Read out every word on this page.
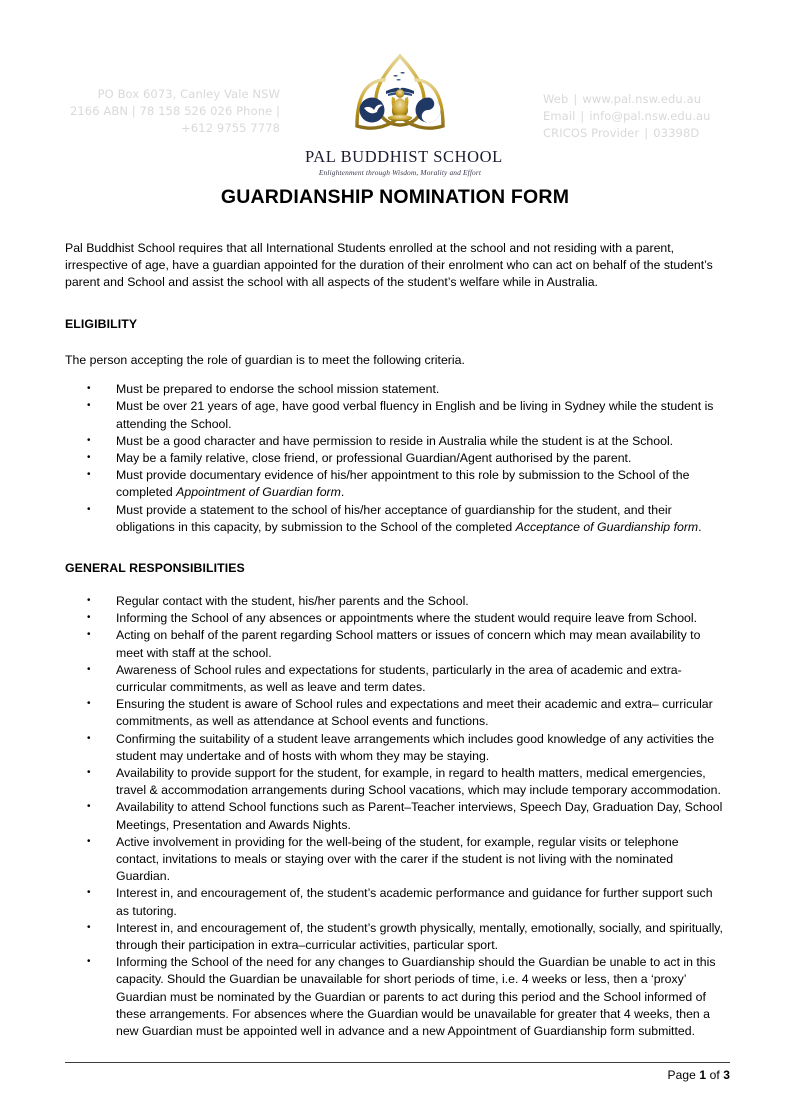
PO Box 6073, Canley Vale NSW
2166 ABN | 78 158 526 026 Phone |
+612 9755 7778
PAL BUDDHIST SCHOOL
Enlightenment through Wisdom, Morality and Effort
Web | www.pal.nsw.edu.au
Email | info@pal.nsw.edu.au
CRICOS Provider | 03398D
GUARDIANSHIP NOMINATION FORM

Pal Buddhist School requires that all International Students enrolled at the school and not residing with a parent, irrespective of age, have a guardian appointed for the duration of their enrolment who can act on behalf of the student’s parent and School and assist the school with all aspects of the student’s welfare while in Australia.

ELIGIBILITY

The person accepting the role of guardian is to meet the following criteria.

• Must be prepared to endorse the school mission statement.
• Must be over 21 years of age, have good verbal fluency in English and be living in Sydney while the student is attending the School.
• Must be a good character and have permission to reside in Australia while the student is at the School.
• May be a family relative, close friend, or professional Guardian/Agent authorised by the parent.
• Must provide documentary evidence of his/her appointment to this role by submission to the School of the completed Appointment of Guardian form.
• Must provide a statement to the school of his/her acceptance of guardianship for the student, and their obligations in this capacity, by submission to the School of the completed Acceptance of Guardianship form.
GENERAL RESPONSIBILITIES
• Regular contact with the student, his/her parents and the School.
• Informing the School of any absences or appointments where the student would require leave from School.
• Acting on behalf of the parent regarding School matters or issues of concern which may mean availability to meet with staff at the school.
• Awareness of School rules and expectations for students, particularly in the area of academic and extra-curricular commitments, as well as leave and term dates.
• Ensuring the student is aware of School rules and expectations and meet their academic and extra– curricular commitments, as well as attendance at School events and functions.
• Confirming the suitability of a student leave arrangements which includes good knowledge of any activities the student may undertake and of hosts with whom they may be staying.
• Availability to provide support for the student, for example, in regard to health matters, medical emergencies, travel & accommodation arrangements during School vacations, which may include temporary accommodation.
• Availability to attend School functions such as Parent–Teacher interviews, Speech Day, Graduation Day, School Meetings, Presentation and Awards Nights.
• Active involvement in providing for the well-being of the student, for example, regular visits or telephone contact, invitations to meals or staying over with the carer if the student is not living with the nominated Guardian.
• Interest in, and encouragement of, the student’s academic performance and guidance for further support such as tutoring.
• Interest in, and encouragement of, the student’s growth physically, mentally, emotionally, socially, and spiritually, through their participation in extra–curricular activities, particular sport.
• Informing the School of the need for any changes to Guardianship should the Guardian be unable to act in this capacity. Should the Guardian be unavailable for short periods of time, i.e. 4 weeks or less, then a ‘proxy’ Guardian must be nominated by the Guardian or parents to act during this period and the School informed of these arrangements. For absences where the Guardian would be unavailable for greater that 4 weeks, then a new Guardian must be appointed well in advance and a new Appointment of Guardianship form submitted.
Page 1 of 3
